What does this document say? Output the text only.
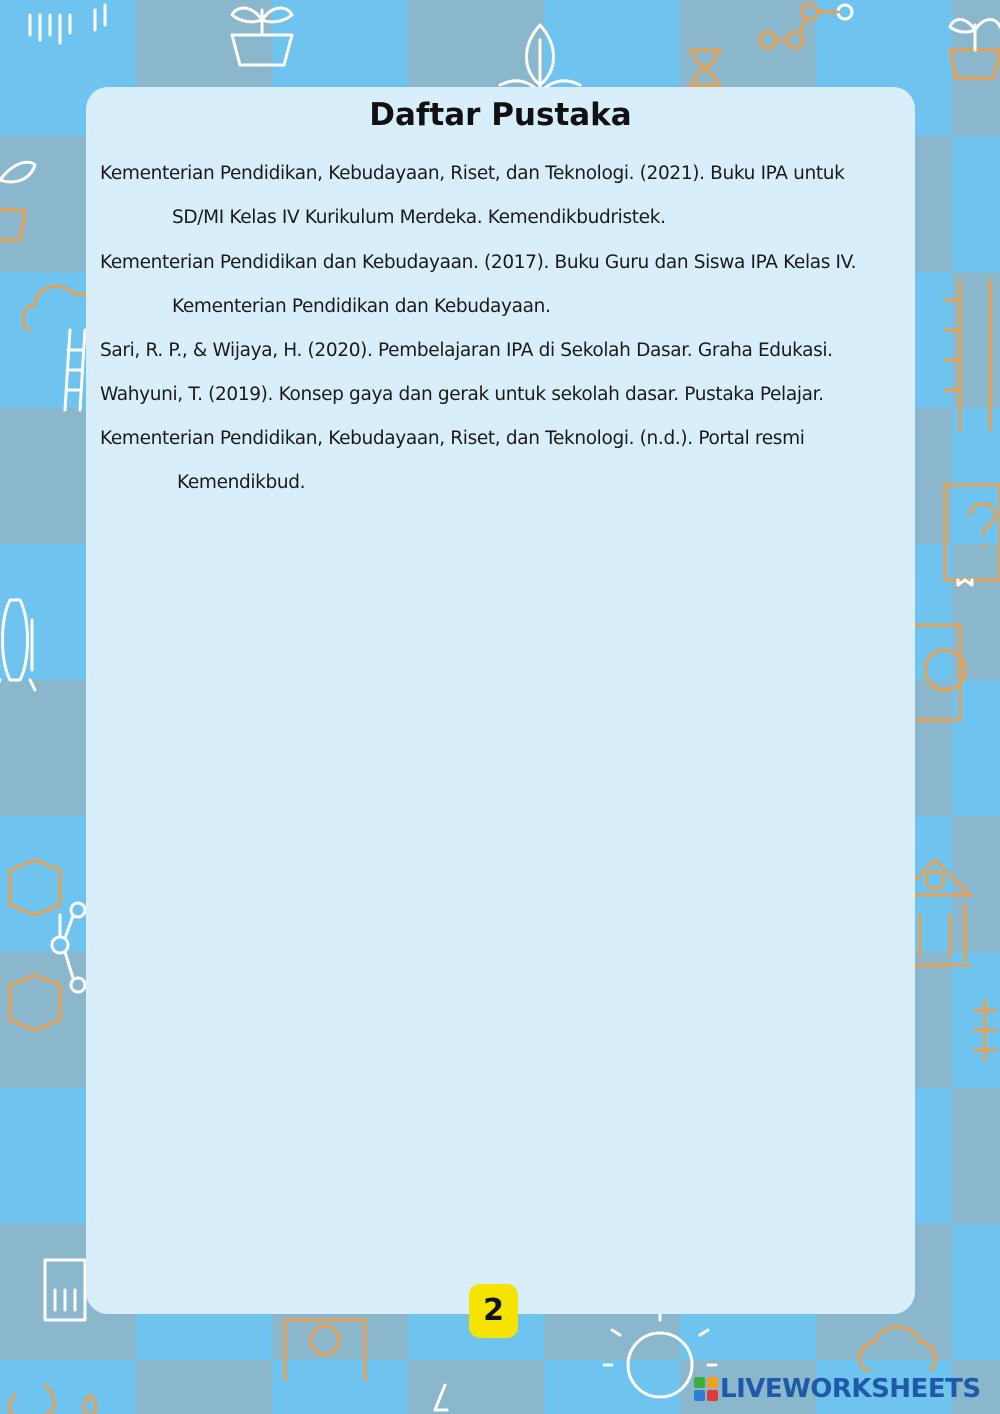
Daftar Pustaka
Kementerian Pendidikan, Kebudayaan, Riset, dan Teknologi. (2021). Buku IPA untuk
SD/MI Kelas IV Kurikulum Merdeka. Kemendikbudristek.
Kementerian Pendidikan dan Kebudayaan. (2017). Buku Guru dan Siswa IPA Kelas IV.
Kementerian Pendidikan dan Kebudayaan.
Sari, R. P., & Wijaya, H. (2020). Pembelajaran IPA di Sekolah Dasar. Graha Edukasi.
Wahyuni, T. (2019). Konsep gaya dan gerak untuk sekolah dasar. Pustaka Pelajar.
Kementerian Pendidikan, Kebudayaan, Riset, dan Teknologi. (n.d.). Portal resmi
Kemendikbud.
2
LIVEWORKSHEETS
